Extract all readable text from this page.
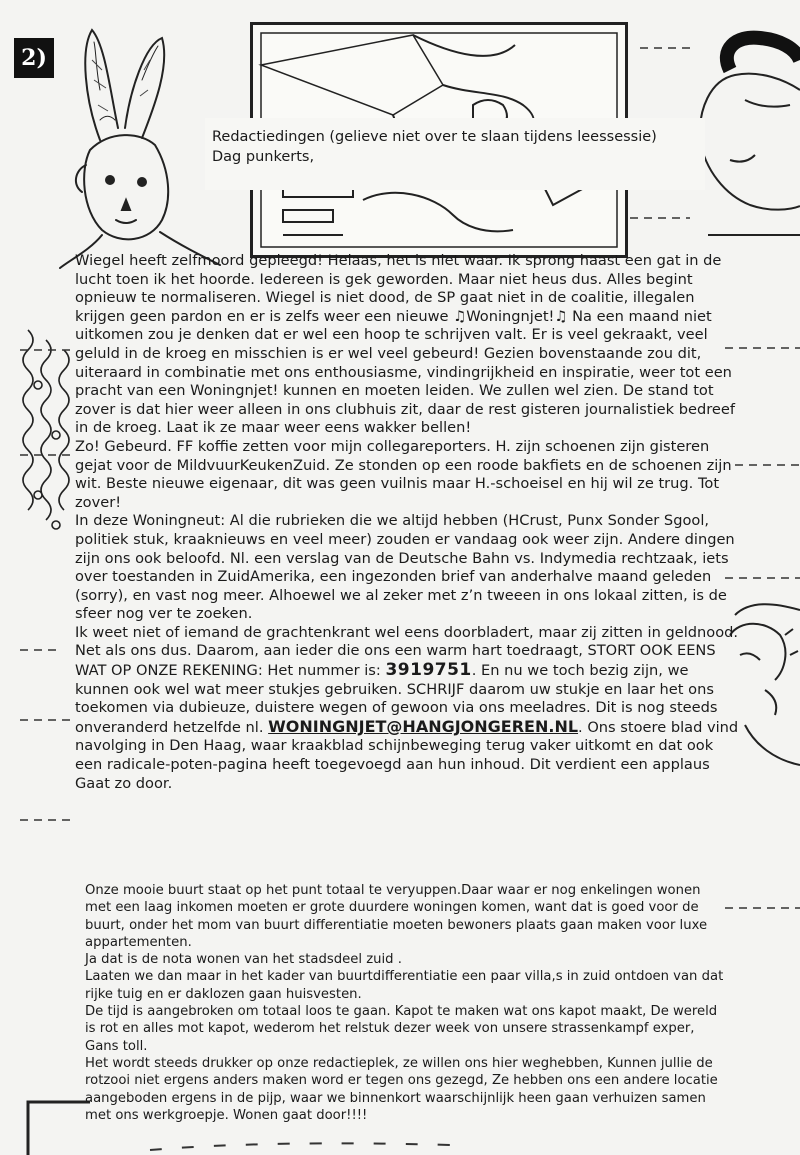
2)
Redactiedingen (gelieve niet over te slaan tijdens leessessie)
Dag punkerts,

Wiegel heeft zelfmoord gepleegd! Helaas, het is niet waar. Ik sprong haast een gat in de lucht toen ik het hoorde. Iedereen is gek geworden. Maar niet heus dus. Alles begint opnieuw te normaliseren. Wiegel is niet dood, de SP gaat niet in de coalitie, illegalen krijgen geen pardon en er is zelfs weer een nieuwe ♫Woningnjet!♫ Na een maand niet uitkomen zou je denken dat er wel een hoop te schrijven valt. Er is veel gekraakt, veel geluld in de kroeg en misschien is er wel veel gebeurd! Gezien bovenstaande zou dit, uiteraard in combinatie met ons enthousiasme, vindingrijkheid en inspiratie, weer tot een pracht van een Woningnjet! kunnen en moeten leiden. We zullen wel zien. De stand tot zover is dat hier weer alleen in ons clubhuis zit, daar de rest gisteren journalistiek bedreef in de kroeg. Laat ik ze maar weer eens wakker bellen!

Zo! Gebeurd. FF koffie zetten voor mijn collegareporters. H. zijn schoenen zijn gisteren gejat voor de MildvuurKeukenZuid. Ze stonden op een roode bakfiets en de schoenen zijn wit. Beste nieuwe eigenaar, dit was geen vuilnis maar H.-schoeisel en hij wil ze trug. Tot zover!

In deze Woningneut: Al die rubrieken die we altijd hebben (HCrust, Punx Sonder Sgool, politiek stuk, kraaknieuws en veel meer) zouden er vandaag ook weer zijn. Andere dingen zijn ons ook beloofd. Nl. een verslag van de Deutsche Bahn vs. Indymedia rechtzaak, iets over toestanden in ZuidAmerika, een ingezonden brief van anderhalve maand geleden (sorry), en vast nog meer. Alhoewel we al zeker met z’n tweeen in ons lokaal zitten, is de sfeer nog ver te zoeken.

Ik weet niet of iemand de grachtenkrant wel eens doorbladert, maar zij zitten in geldnood. Net als ons dus. Daarom, aan ieder die ons een warm hart toedraagt, STORT OOK EENS WAT OP ONZE REKENING: Het nummer is: 3919751. En nu we toch bezig zijn, we kunnen ook wel wat meer stukjes gebruiken. SCHRIJF daarom uw stukje en laar het ons toekomen via dubieuze, duistere wegen of gewoon via ons meeladres. Dit is nog steeds onveranderd hetzelfde nl. WONINGNJET@HANGJONGEREN.NL. Ons stoere blad vind navolging in Den Haag, waar kraakblad schijnbeweging terug vaker uitkomt en dat ook een radicale-poten-pagina heeft toegevoegd aan hun inhoud. Dit verdient een applaus Gaat zo door.

Onze mooie buurt staat op het punt totaal te veryuppen.Daar waar er nog enkelingen wonen met een laag inkomen moeten er grote duurdere woningen komen, want dat is goed voor de buurt, onder het mom van buurt differentiatie moeten bewoners plaats gaan maken voor luxe appartementen.

Ja dat is de nota wonen van het stadsdeel zuid .

Laaten we dan maar in het kader van buurtdifferentiatie een paar villa,s in zuid ontdoen van dat rijke tuig en er daklozen gaan huisvesten.

De tijd is aangebroken om totaal loos te gaan. Kapot te maken wat ons kapot maakt, De wereld is rot en alles mot kapot, wederom het relstuk dezer week von unsere strassenkampf exper, Gans toll.

Het wordt steeds drukker op onze redactieplek, ze willen ons hier weghebben, Kunnen jullie de rotzooi niet ergens anders maken word er tegen ons gezegd, Ze hebben ons een andere locatie aangeboden ergens in de pijp, waar we binnenkort waarschijnlijk heen gaan verhuizen samen met ons werkgroepje. Wonen gaat door!!!!
